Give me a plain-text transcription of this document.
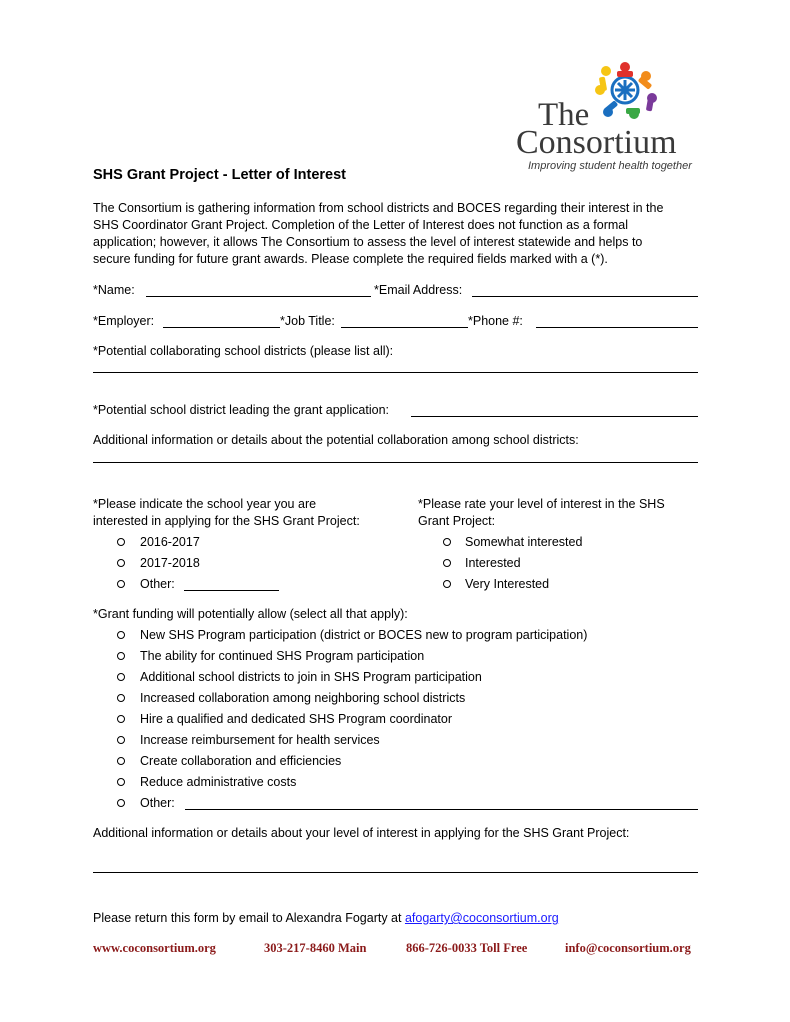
The
Consortium
Improving student health together
SHS Grant Project - Letter of Interest
The Consortium is gathering information from school districts and BOCES regarding their interest in the
SHS Coordinator Grant Project. Completion of the Letter of Interest does not function as a formal
application; however, it allows The Consortium to assess the level of interest statewide and helps to
secure funding for future grant awards. Please complete the required fields marked with a (*).
*Name:	*Email Address:
*Employer:	*Job Title:	*Phone #:
*Potential collaborating school districts (please list all):
*Potential school district leading the grant application:
Additional information or details about the potential collaboration among school districts:
*Please indicate the school year you are
interested in applying for the SHS Grant Project:
2016-2017
2017-2018
Other:
*Please rate your level of interest in the SHS
Grant Project:
Somewhat interested
Interested
Very Interested
*Grant funding will potentially allow (select all that apply):
New SHS Program participation (district or BOCES new to program participation)
The ability for continued SHS Program participation
Additional school districts to join in SHS Program participation
Increased collaboration among neighboring school districts
Hire a qualified and dedicated SHS Program coordinator
Increase reimbursement for health services
Create collaboration and efficiencies
Reduce administrative costs
Other:
Additional information or details about your level of interest in applying for the SHS Grant Project:
Please return this form by email to Alexandra Fogarty at afogarty@coconsortium.org
www.coconsortium.org	303-217-8460 Main	866-726-0033 Toll Free	info@coconsortium.org
